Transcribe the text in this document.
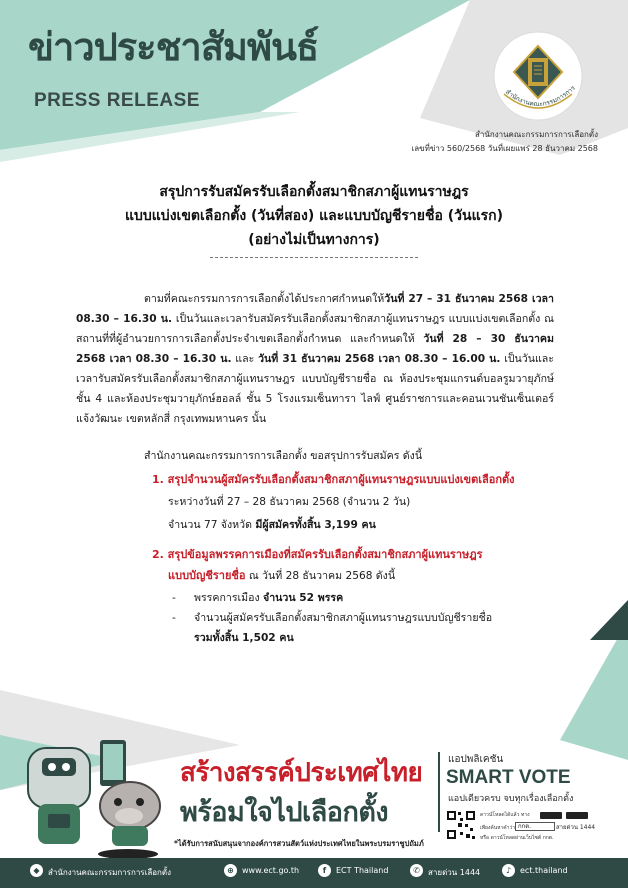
ข่าวประชาสัมพันธ์
PRESS RELEASE	สำนักงานคณะกรรมการการ
สำนักงานคณะกรรมการการเลือกตั้ง
เลขที่ข่าว 560/2568 วันที่เผยแพร่ 28 ธันวาคม 2568
สรุปการรับสมัครรับเลือกตั้งสมาชิกสภาผู้แทนราษฎร
แบบแบ่งเขตเลือกตั้ง (วันที่สอง) และแบบบัญชีรายชื่อ (วันแรก)
(อย่างไม่เป็นทางการ)
ตามที่คณะกรรมการการเลือกตั้งได้ประกาศกำหนดให้วันที่ 27 – 31 ธันวาคม 2568 เวลา 08.30 – 16.30 น. เป็นวันและเวลารับสมัครรับเลือกตั้งสมาชิกสภาผู้แทนราษฎร แบบแบ่งเขตเลือกตั้ง ณ สถานที่ที่ผู้อำนวยการการเลือกตั้งประจำเขตเลือกตั้งกำหนด และกำหนดให้ วันที่ 28 – 30 ธันวาคม 2568 เวลา 08.30 – 16.30 น. และ วันที่ 31 ธันวาคม 2568 เวลา 08.30 – 16.00 น. เป็นวันและเวลารับสมัครรับเลือกตั้งสมาชิกสภาผู้แทนราษฎร แบบบัญชีรายชื่อ ณ ห้องประชุมแกรนด์บอลรูมวายุภักษ์ ชั้น 4 และห้องประชุมวายุภักษ์ฮอลล์ ชั้น 5 โรงแรมเซ็นทารา ไลฟ์ ศูนย์ราชการและคอนเวนชันเซ็นเตอร์ แจ้งวัฒนะ เขตหลักสี่ กรุงเทพมหานคร นั้น
สำนักงานคณะกรรมการการเลือกตั้ง ขอสรุปการรับสมัคร ดังนี้
1. สรุปจำนวนผู้สมัครรับเลือกตั้งสมาชิกสภาผู้แทนราษฎรแบบแบ่งเขตเลือกตั้ง
ระหว่างวันที่ 27 – 28 ธันวาคม 2568 (จำนวน 2 วัน)
จำนวน 77 จังหวัด มีผู้สมัครทั้งสิ้น 3,199 คน
2. สรุปข้อมูลพรรคการเมืองที่สมัครรับเลือกตั้งสมาชิกสภาผู้แทนราษฎร
แบบบัญชีรายชื่อ ณ วันที่ 28 ธันวาคม 2568 ดังนี้
- พรรคการเมือง จำนวน 52 พรรค
- จำนวนผู้สมัครรับเลือกตั้งสมาชิกสภาผู้แทนราษฎรแบบบัญชีรายชื่อ
รวมทั้งสิ้น 1,502 คน
สร้างสรรค์ประเทศไทย
พร้อมใจไปเลือกตั้ง
แอปพลิเคชัน
SMART VOTE
แอปเดียวครบ จบทุกเรื่องเลือกตั้ง
ดาวน์โหลดได้แล้ว ทาง
เพียงค้นหาคำว่า กกต.	สายด่วน 1444
หรือ ดาวน์โหลดผ่านเว็บไซต์ กกต.
*ได้รับการสนับสนุนจากองค์การสวนสัตว์แห่งประเทศไทยในพระบรมราชูปถัมภ์
◆	สำนักงานคณะกรรมการการเลือกตั้ง	⊕	www.ect.go.th	f	ECT Thailand	✆	สายด่วน 1444	♪	ect.thailand
